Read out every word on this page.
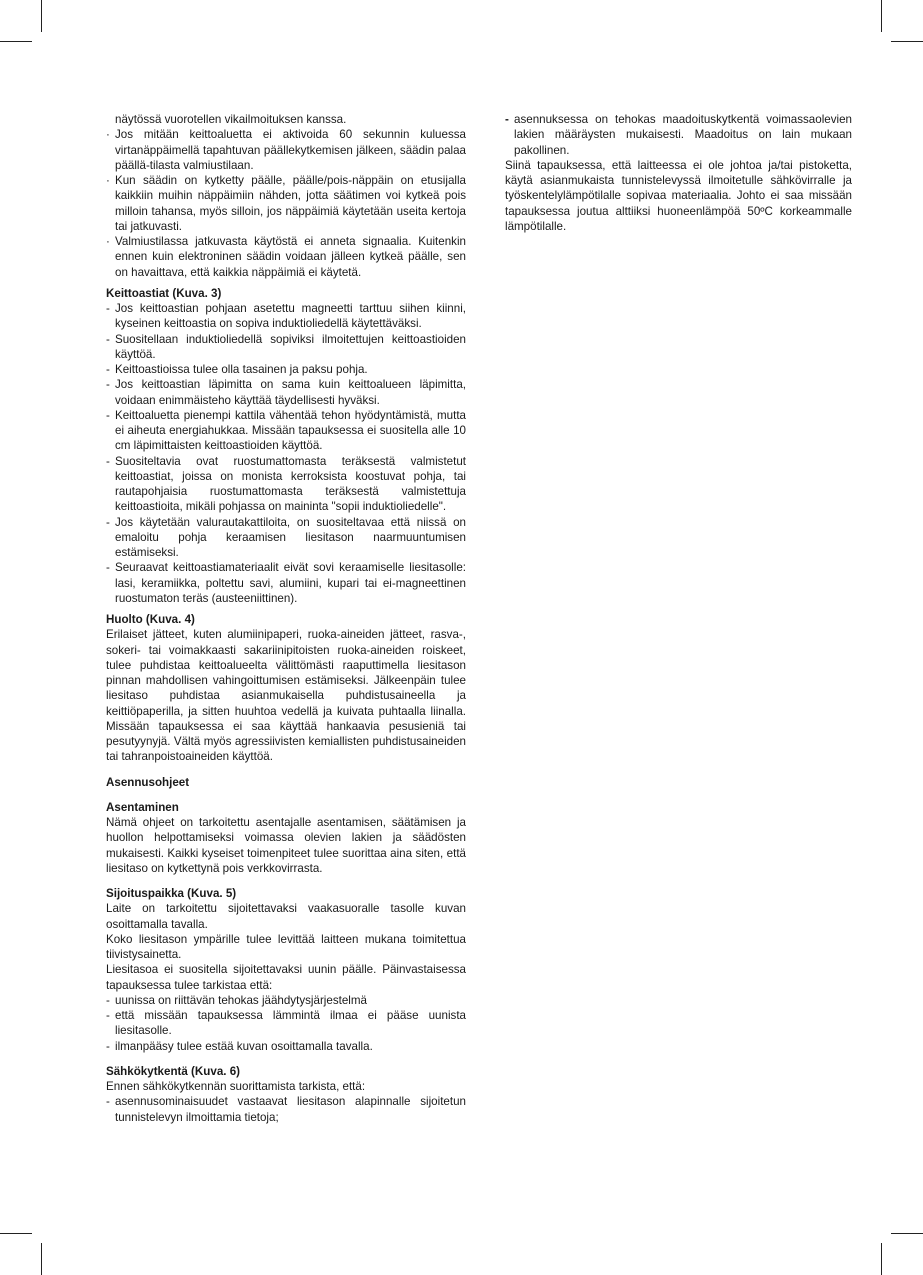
näytössä vuorotellen vikailmoituksen kanssa.
· Jos mitään keittoaluetta ei aktivoida 60 sekunnin kuluessa virtanäppäimellä tapahtuvan päällekytkemisen jälkeen, säädin palaa päällä-tilasta valmiustilaan.
· Kun säädin on kytketty päälle, päälle/pois-näppäin on etusijalla kaikkiin muihin näppäimiin nähden, jotta säätimen voi kytkeä pois milloin tahansa, myös silloin, jos näppäimiä käytetään useita kertoja tai jatkuvasti.
· Valmiustilassa jatkuvasta käytöstä ei anneta signaalia. Kuitenkin ennen kuin elektroninen säädin voidaan jälleen kytkeä päälle, sen on havaittava, että kaikkia näppäimiä ei käytetä.
Keittoastiat (Kuva. 3)
- Jos keittoastian pohjaan asetettu magneetti tarttuu siihen kiinni, kyseinen keittoastia on sopiva induktioliedellä käytettäväksi.
- Suositellaan induktioliedellä sopiviksi ilmoitettujen keittoastioiden käyttöä.
- Keittoastioissa tulee olla tasainen ja paksu pohja.
- Jos keittoastian läpimitta on sama kuin keittoalueen läpimitta, voidaan enimmäisteho käyttää täydellisesti hyväksi.
- Keittoaluetta pienempi kattila vähentää tehon hyödyntämistä, mutta ei aiheuta energiahukkaa. Missään tapauksessa ei suositella alle 10 cm läpimittaisten keittoastioiden käyttöä.
- Suositeltavia ovat ruostumattomasta teräksestä valmistetut keittoastiat, joissa on monista kerroksista koostuvat pohja, tai rautapohjaisia ruostumattomasta teräksestä valmistettuja keittoastioita, mikäli pohjassa on maininta "sopii induktioliedelle".
- Jos käytetään valurautakattiloita, on suositeltavaa että niissä on emaloitu pohja keraamisen liesitason naarmuuntumisen estämiseksi.
- Seuraavat keittoastiamateriaalit eivät sovi keraamiselle liesitasolle: lasi, keramiikka, poltettu savi, alumiini, kupari tai ei-magneettinen ruostumaton teräs (austeeniittinen).
Huolto (Kuva. 4)

Erilaiset jätteet, kuten alumiinipaperi, ruoka-aineiden jätteet, rasva-, sokeri- tai voimakkaasti sakariinipitoisten ruoka-aineiden roiskeet, tulee puhdistaa keittoalueelta välittömästi raaputtimella liesitason pinnan mahdollisen vahingoittumisen estämiseksi. Jälkeenpäin tulee liesitaso puhdistaa asianmukaisella puhdistusaineella ja keittiöpaperilla, ja sitten huuhtoa vedellä ja kuivata puhtaalla liinalla. Missään tapauksessa ei saa käyttää hankaavia pesusieniä tai pesutyynyjä. Vältä myös agressiivisten kemiallisten puhdistusaineiden tai tahranpoistoaineiden käyttöä.

Asennusohjeet
Asentaminen

Nämä ohjeet on tarkoitettu asentajalle asentamisen, säätämisen ja huollon helpottamiseksi voimassa olevien lakien ja säädösten mukaisesti. Kaikki kyseiset toimenpiteet tulee suorittaa aina siten, että liesitaso on kytkettynä pois verkkovirrasta.

Sijoituspaikka (Kuva. 5)

Laite on tarkoitettu sijoitettavaksi vaakasuoralle tasolle kuvan osoittamalla tavalla.

Koko liesitason ympärille tulee levittää laitteen mukana toimitettua tiivistysainetta.

Liesitasoa ei suositella sijoitettavaksi uunin päälle. Päinvastaisessa tapauksessa tulee tarkistaa että:

- uunissa on riittävän tehokas jäähdytysjärjestelmä
- että missään tapauksessa lämmintä ilmaa ei pääse uunista liesitasolle.
- ilmanpääsy tulee estää kuvan osoittamalla tavalla.
Sähkökytkentä (Kuva. 6)

Ennen sähkökytkennän suorittamista tarkista, että:

- asennusominaisuudet vastaavat liesitason alapinnalle sijoitetun tunnistelevyn ilmoittamia tietoja;
- asennuksessa on tehokas maadoituskytkentä voimassaolevien lakien määräysten mukaisesti. Maadoitus on lain mukaan pakollinen.

Siinä tapauksessa, että laitteessa ei ole johtoa ja/tai pistoketta, käytä asianmukaista tunnistelevyssä ilmoitetulle sähkövirralle ja työskentelylämpötilalle sopivaa materiaalia. Johto ei saa missään tapauksessa joutua alttiiksi huoneenlämpöä 50ºC korkeammalle lämpötilalle.
